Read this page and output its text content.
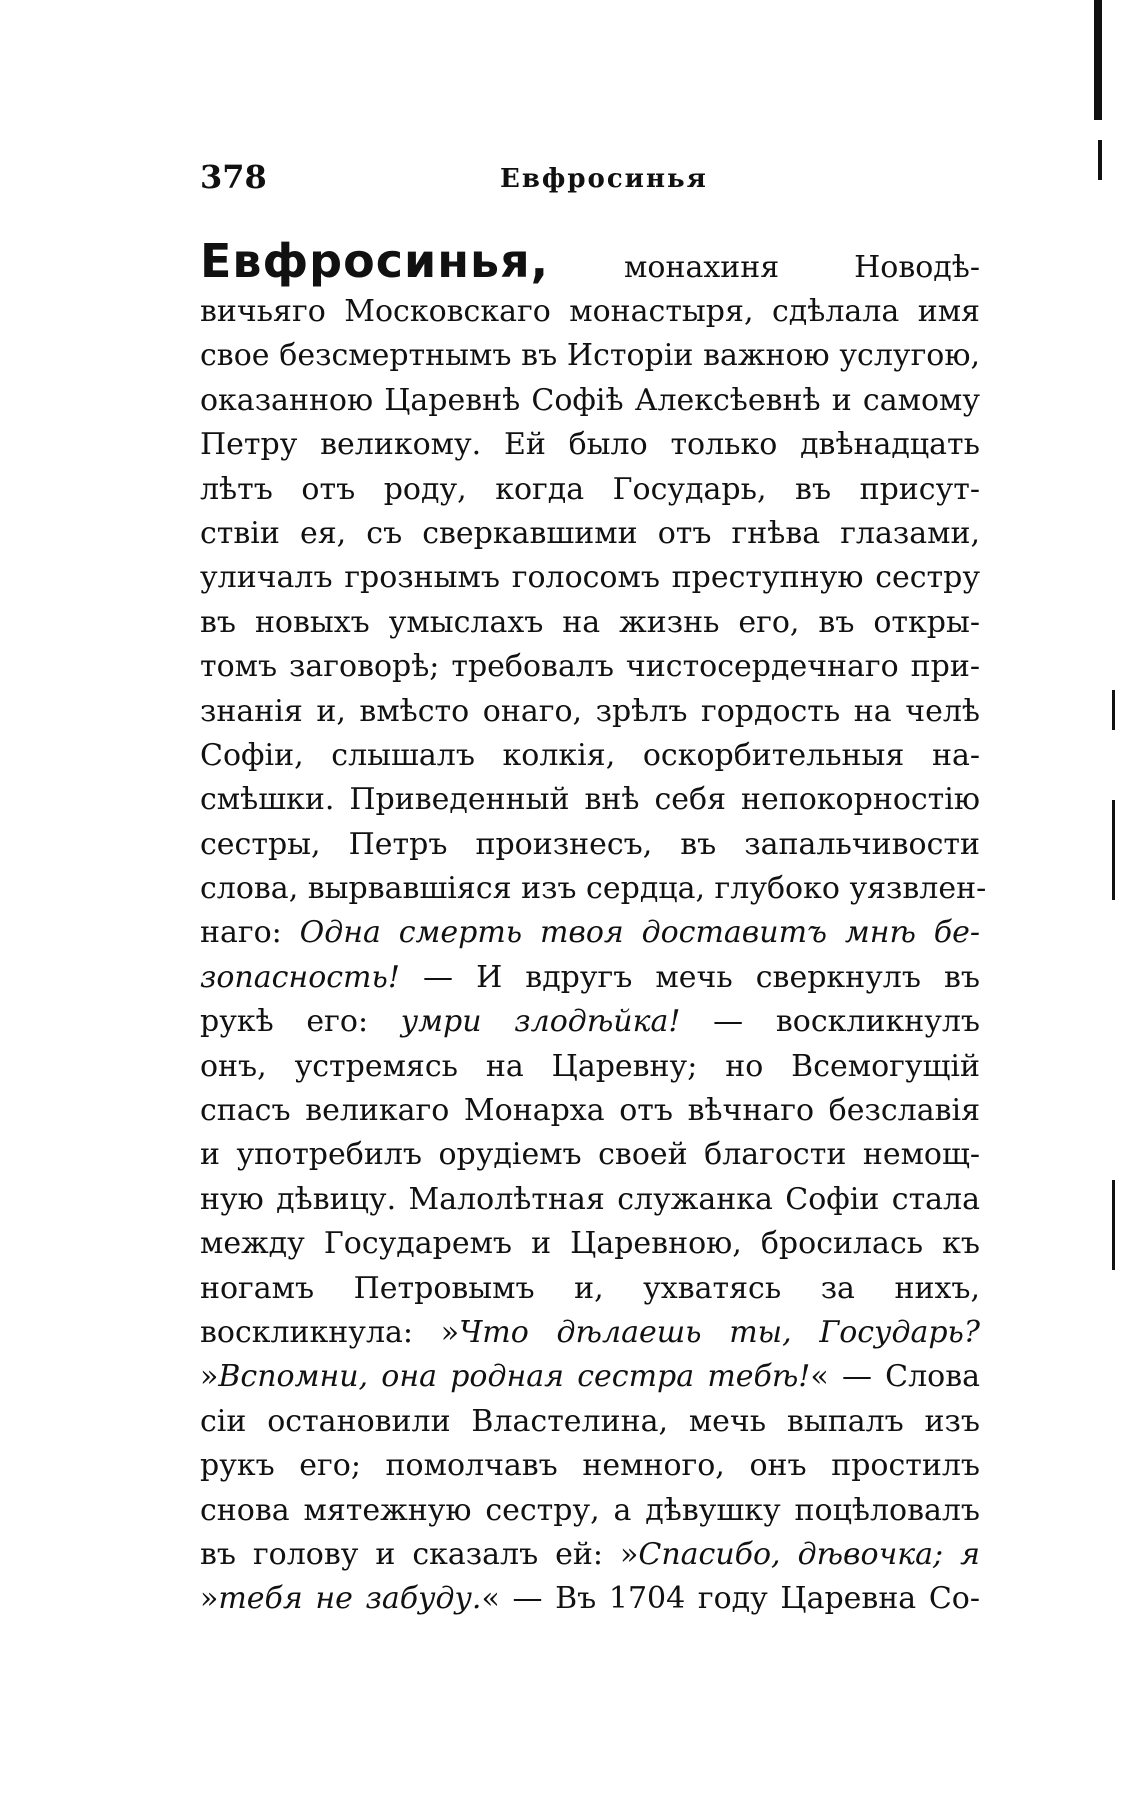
378	Евфросинья
Евфросинья, монахиня Новодѣ-
вичьяго Московскаго монастыря, сдѣлала имя
свое безсмертнымъ въ Исторіи важною услугою,
оказанною Царевнѣ Софіѣ Алексѣевнѣ и самому
Петру великому. Ей было только двѣнадцать
лѣтъ отъ роду, когда Государь, въ присут-
ствіи ея, съ сверкавшими отъ гнѣва глазами,
уличалъ грознымъ голосомъ преступную сестру
въ новыхъ умыслахъ на жизнь его, въ откры-
томъ заговорѣ; требовалъ чистосердечнаго при-
знанія и, вмѣсто онаго, зрѣлъ гордость на челѣ
Софіи, слышалъ колкія, оскорбительныя на-
смѣшки. Приведенный внѣ себя непокорностію
сестры, Петръ произнесъ, въ запальчивости
слова, вырвавшіяся изъ сердца, глубоко уязвлен-
наго: Одна смерть твоя доставитъ мнѣ бе-
зопасность! — И вдругъ мечь сверкнулъ въ
рукѣ его: умри злодѣйка! — воскликнулъ
онъ, устремясь на Царевну; но Всемогущій
спасъ великаго Монарха отъ вѣчнаго безславія
и употребилъ орудіемъ своей благости немощ-
ную дѣвицу. Малолѣтная служанка Софіи стала
между Государемъ и Царевною, бросилась къ
ногамъ Петровымъ и, ухватясь за нихъ,
воскликнула: »Что дѣлаешь ты, Государь?
»Вспомни, она родная сестра тебѣ!« — Слова
сіи остановили Властелина, мечь выпалъ изъ
рукъ его; помолчавъ немного, онъ простилъ
снова мятежную сестру, а дѣвушку поцѣловалъ
въ голову и сказалъ ей: »Спасибо, дѣвочка; я
»тебя не забуду.« — Въ 1704 году Царевна Со-
